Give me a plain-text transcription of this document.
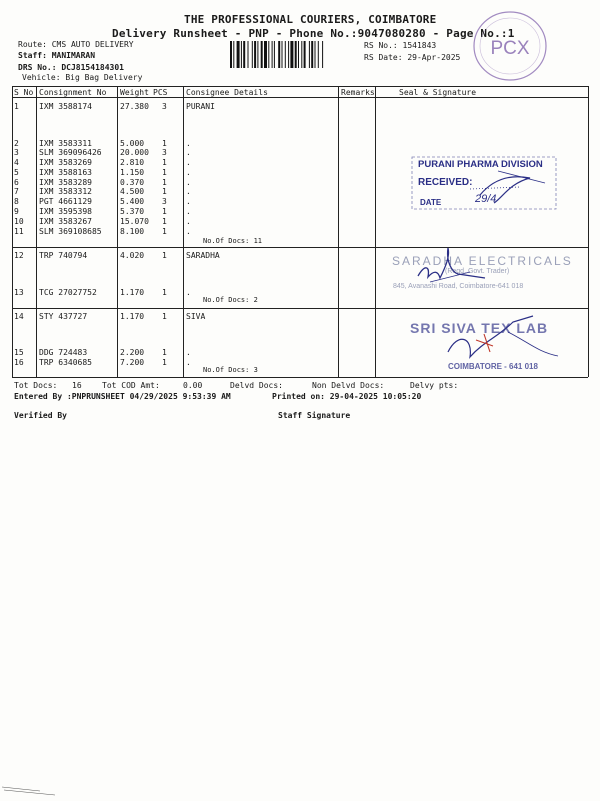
THE PROFESSIONAL COURIERS, COIMBATORE
Delivery Runsheet - PNP - Phone No.:9047080280 - Page No.:1
Route: CMS AUTO DELIVERY
Staff: MANIMARAN
DRS No.: DCJ8154184301
Vehicle: Big Bag Delivery
RS No.: 1541843
RS Date: 29-Apr-2025 PCX
S No Consignment No Weight PCS Consignee Details	Remarks	Seal & Signature
1	IXM 3588174	27.380 3 PURANI
2	IXM 3583311	5.000 1 .
3	SLM 369096426 20.000 3 .
4	IXM 3583269	2.810 1 .
5	IXM 3588163	1.150 1 .
6	IXM 3583289	0.370 1 .
7	IXM 3583312	4.500 1 .
8	PGT 4661129	5.400 3 .
9	IXM 3595398	5.370 1 .
10 IXM 3583267	15.070 1 .
11 SLM 369108685 8.100 1 .
12 TRP 740794	4.020 1 SARADHA
13 TCG 27027752	1.170 1 .
14 STY 437727	1.170 1 SIVA
15 DDG 724483	2.200 1 .
16 TRP 6340685	7.200 1 .
No.Of Docs: 11
No.Of Docs: 2
No.Of Docs: 3
PURANI PHARMA DIVISION
RECEIVED:
DATE	29/4
SARADHA ELECTRICALS
(Regd. Govt. Trader)
845, Avanashi Road, Coimbatore-641 018
SRI SIVA TEX LAB
COIMBATORE - 641 018
Tot Docs: 16	Tot COD Amt:	0.00	Delvd Docs:	Non Delvd Docs:	Delvy pts:
Entered By :PNPRUNSHEET 04/29/2025 9:53:39 AM	Printed on: 29-04-2025 10:05:20
Verified By	Staff Signature
